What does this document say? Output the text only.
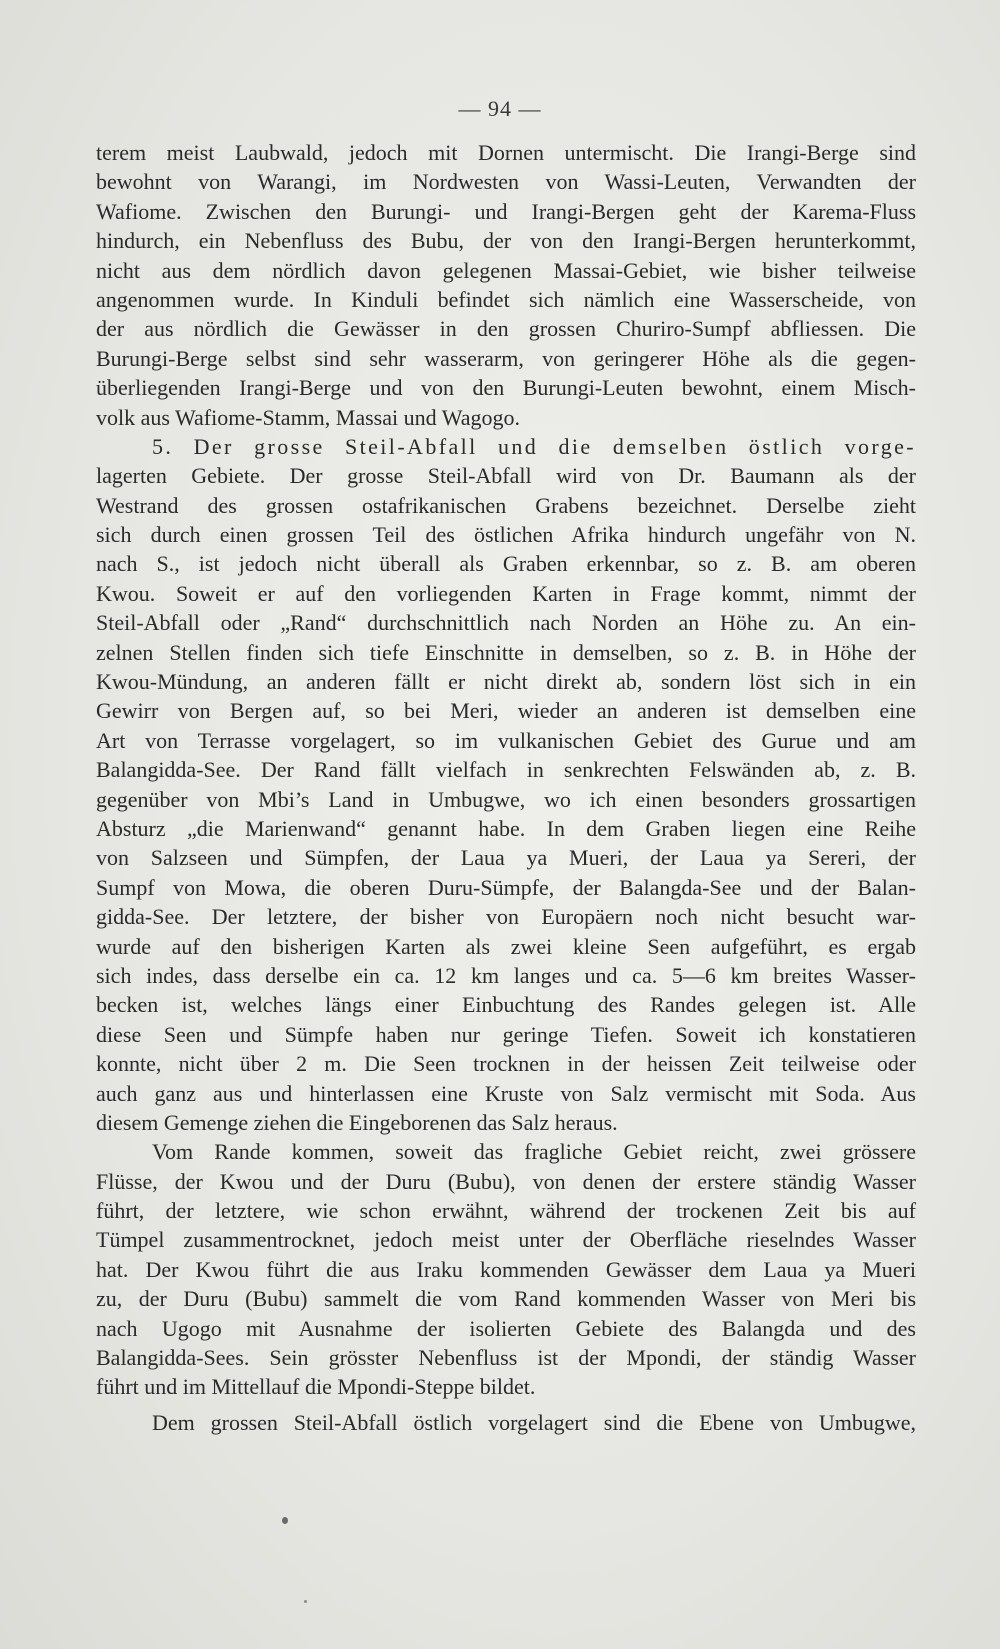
— 94 —
terem meist Laubwald, jedoch mit Dornen untermischt. Die Irangi-Berge sind
bewohnt von Warangi, im Nordwesten von Wassi-Leuten, Verwandten der
Wafiome. Zwischen den Burungi- und Irangi-Bergen geht der Karema-Fluss
hindurch, ein Nebenfluss des Bubu, der von den Irangi-Bergen herunterkommt,
nicht aus dem nördlich davon gelegenen Massai-Gebiet, wie bisher teilweise
angenommen wurde. In Kinduli befindet sich nämlich eine Wasserscheide, von
der aus nördlich die Gewässer in den grossen Churiro-Sumpf abfliessen. Die
Burungi-Berge selbst sind sehr wasserarm, von geringerer Höhe als die gegen-
überliegenden Irangi-Berge und von den Burungi-Leuten bewohnt, einem Misch-
volk aus Wafiome-Stamm, Massai und Wagogo.
5. Der grosse Steil-Abfall und die demselben östlich vorge-
lagerten Gebiete. Der grosse Steil-Abfall wird von Dr. Baumann als der
Westrand des grossen ostafrikanischen Grabens bezeichnet. Derselbe zieht
sich durch einen grossen Teil des östlichen Afrika hindurch ungefähr von N.
nach S., ist jedoch nicht überall als Graben erkennbar, so z. B. am oberen
Kwou. Soweit er auf den vorliegenden Karten in Frage kommt, nimmt der
Steil-Abfall oder „Rand“ durchschnittlich nach Norden an Höhe zu. An ein-
zelnen Stellen finden sich tiefe Einschnitte in demselben, so z. B. in Höhe der
Kwou-Mündung, an anderen fällt er nicht direkt ab, sondern löst sich in ein
Gewirr von Bergen auf, so bei Meri, wieder an anderen ist demselben eine
Art von Terrasse vorgelagert, so im vulkanischen Gebiet des Gurue und am
Balangidda-See. Der Rand fällt vielfach in senkrechten Felswänden ab, z. B.
gegenüber von Mbi’s Land in Umbugwe, wo ich einen besonders grossartigen
Absturz „die Marienwand“ genannt habe. In dem Graben liegen eine Reihe
von Salzseen und Sümpfen, der Laua ya Mueri, der Laua ya Sereri, der
Sumpf von Mowa, die oberen Duru-Sümpfe, der Balangda-See und der Balan-
gidda-See. Der letztere, der bisher von Europäern noch nicht besucht war-
wurde auf den bisherigen Karten als zwei kleine Seen aufgeführt, es ergab
sich indes, dass derselbe ein ca. 12 km langes und ca. 5—6 km breites Wasser-
becken ist, welches längs einer Einbuchtung des Randes gelegen ist. Alle
diese Seen und Sümpfe haben nur geringe Tiefen. Soweit ich konstatieren
konnte, nicht über 2 m. Die Seen trocknen in der heissen Zeit teilweise oder
auch ganz aus und hinterlassen eine Kruste von Salz vermischt mit Soda. Aus
diesem Gemenge ziehen die Eingeborenen das Salz heraus.
Vom Rande kommen, soweit das fragliche Gebiet reicht, zwei grössere
Flüsse, der Kwou und der Duru (Bubu), von denen der erstere ständig Wasser
führt, der letztere, wie schon erwähnt, während der trockenen Zeit bis auf
Tümpel zusammentrocknet, jedoch meist unter der Oberfläche rieselndes Wasser
hat. Der Kwou führt die aus Iraku kommenden Gewässer dem Laua ya Mueri
zu, der Duru (Bubu) sammelt die vom Rand kommenden Wasser von Meri bis
nach Ugogo mit Ausnahme der isolierten Gebiete des Balangda und des
Balangidda-Sees. Sein grösster Nebenfluss ist der Mpondi, der ständig Wasser
führt und im Mittellauf die Mpondi-Steppe bildet.
Dem grossen Steil-Abfall östlich vorgelagert sind die Ebene von Umbugwe,
